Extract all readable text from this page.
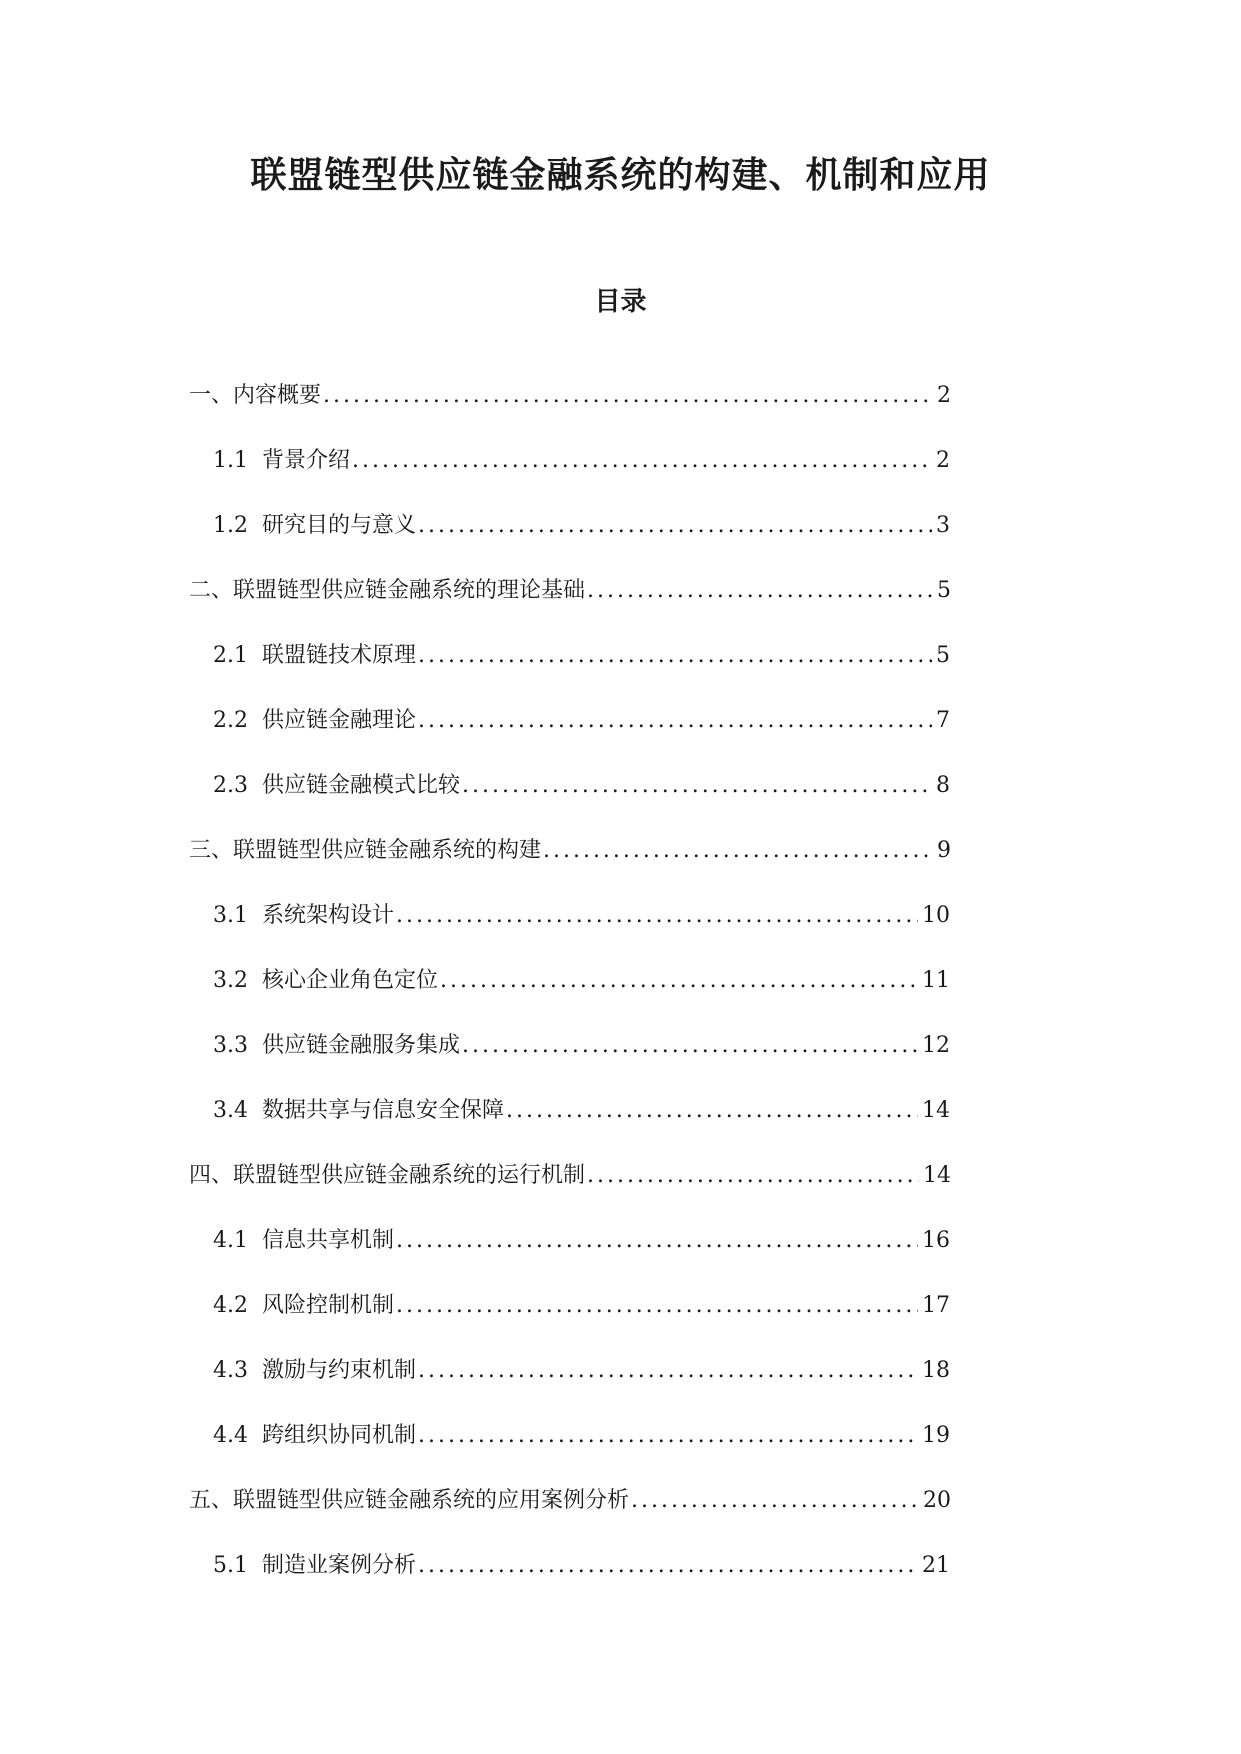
联盟链型供应链金融系统的构建、机制和应用
目录
一、内容概要 . . .	2
1.1 背景介绍 . . .	2
1.2 研究目的与意义 . . .	3
二、联盟链型供应链金融系统的理论基础 . . .	5
2.1 联盟链技术原理 . . .	5
2.2 供应链金融理论 . . .	7
2.3 供应链金融模式比较 . . .	8
三、联盟链型供应链金融系统的构建 . . .	9
3.1 系统架构设计 . . .	10
3.2 核心企业角色定位 . . .	11
3.3 供应链金融服务集成 . . .	12
3.4 数据共享与信息安全保障 . . .	14
四、联盟链型供应链金融系统的运行机制 . . .	14
4.1 信息共享机制 . . .	16
4.2 风险控制机制 . . .	17
4.3 激励与约束机制 . . .	18
4.4 跨组织协同机制 . . .	19
五、联盟链型供应链金融系统的应用案例分析 . . .	20
5.1 制造业案例分析 . . .	21
